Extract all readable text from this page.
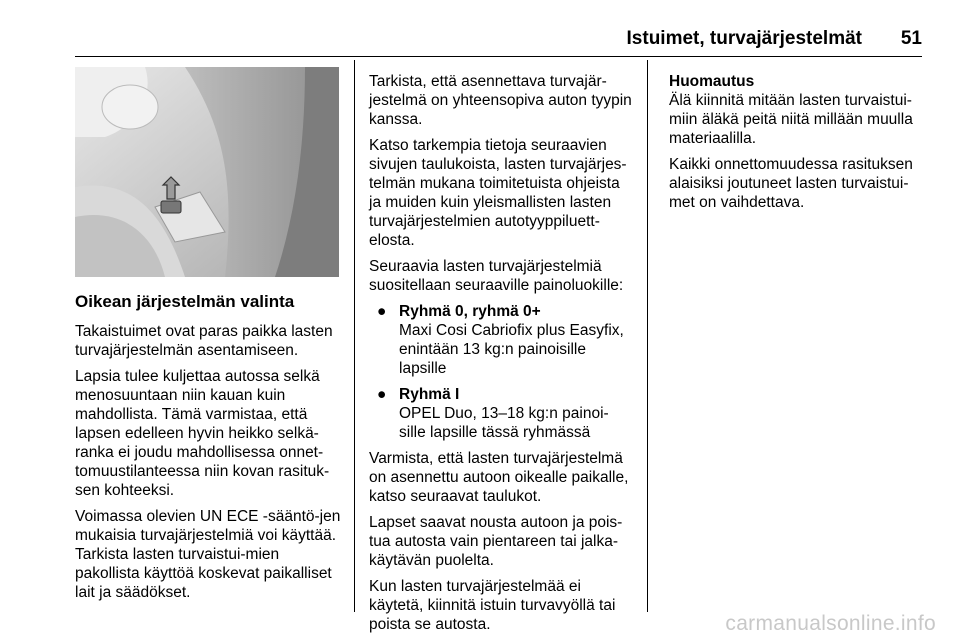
Istuimet, turvajärjestelmät 51

Oikean järjestelmän valinta

Takaistuimet ovat paras paikka lasten turvajärjestelmän asentamiseen.

Lapsia tulee kuljettaa autossa selkä menosuuntaan niin kauan kuin mahdollista. Tämä varmistaa, että lapsen edelleen hyvin heikko selkä-ranka ei joudu mahdollisessa onnet-tomuustilanteessa niin kovan rasituk-sen kohteeksi.

Voimassa olevien UN ECE -sääntö-jen mukaisia turvajärjestelmiä voi käyttää. Tarkista lasten turvaistui-mien pakollista käyttöä koskevat paikalliset lait ja säädökset.

Tarkista, että asennettava turvajär-jestelmä on yhteensopiva auton tyypin kanssa.

Katso tarkempia tietoja seuraavien sivujen taulukoista, lasten turvajärjes-telmän mukana toimitetuista ohjeista ja muiden kuin yleismallisten lasten turvajärjestelmien autotyyppiluett-elosta.

Seuraavia lasten turvajärjestelmiä suositellaan seuraaville painoluokille:

● Ryhmä 0, ryhmä 0+
Maxi Cosi Cabriofix plus Easyfix, enintään 13 kg:n painoisille lapsille
● Ryhmä I
OPEL Duo, 13–18 kg:n painoi-sille lapsille tässä ryhmässä

Varmista, että lasten turvajärjestelmä on asennettu autoon oikealle paikalle, katso seuraavat taulukot.

Lapset saavat nousta autoon ja pois-tua autosta vain pientareen tai jalka-käytävän puolelta.

Kun lasten turvajärjestelmää ei käytetä, kiinnitä istuin turvavyöllä tai poista se autosta.

Huomautus
Älä kiinnitä mitään lasten turvaistui-miin äläkä peitä niitä millään muulla materiaalilla.

Kaikki onnettomuudessa rasituksen alaisiksi joutuneet lasten turvaistui-met on vaihdettava.

carmanualsonline.info
